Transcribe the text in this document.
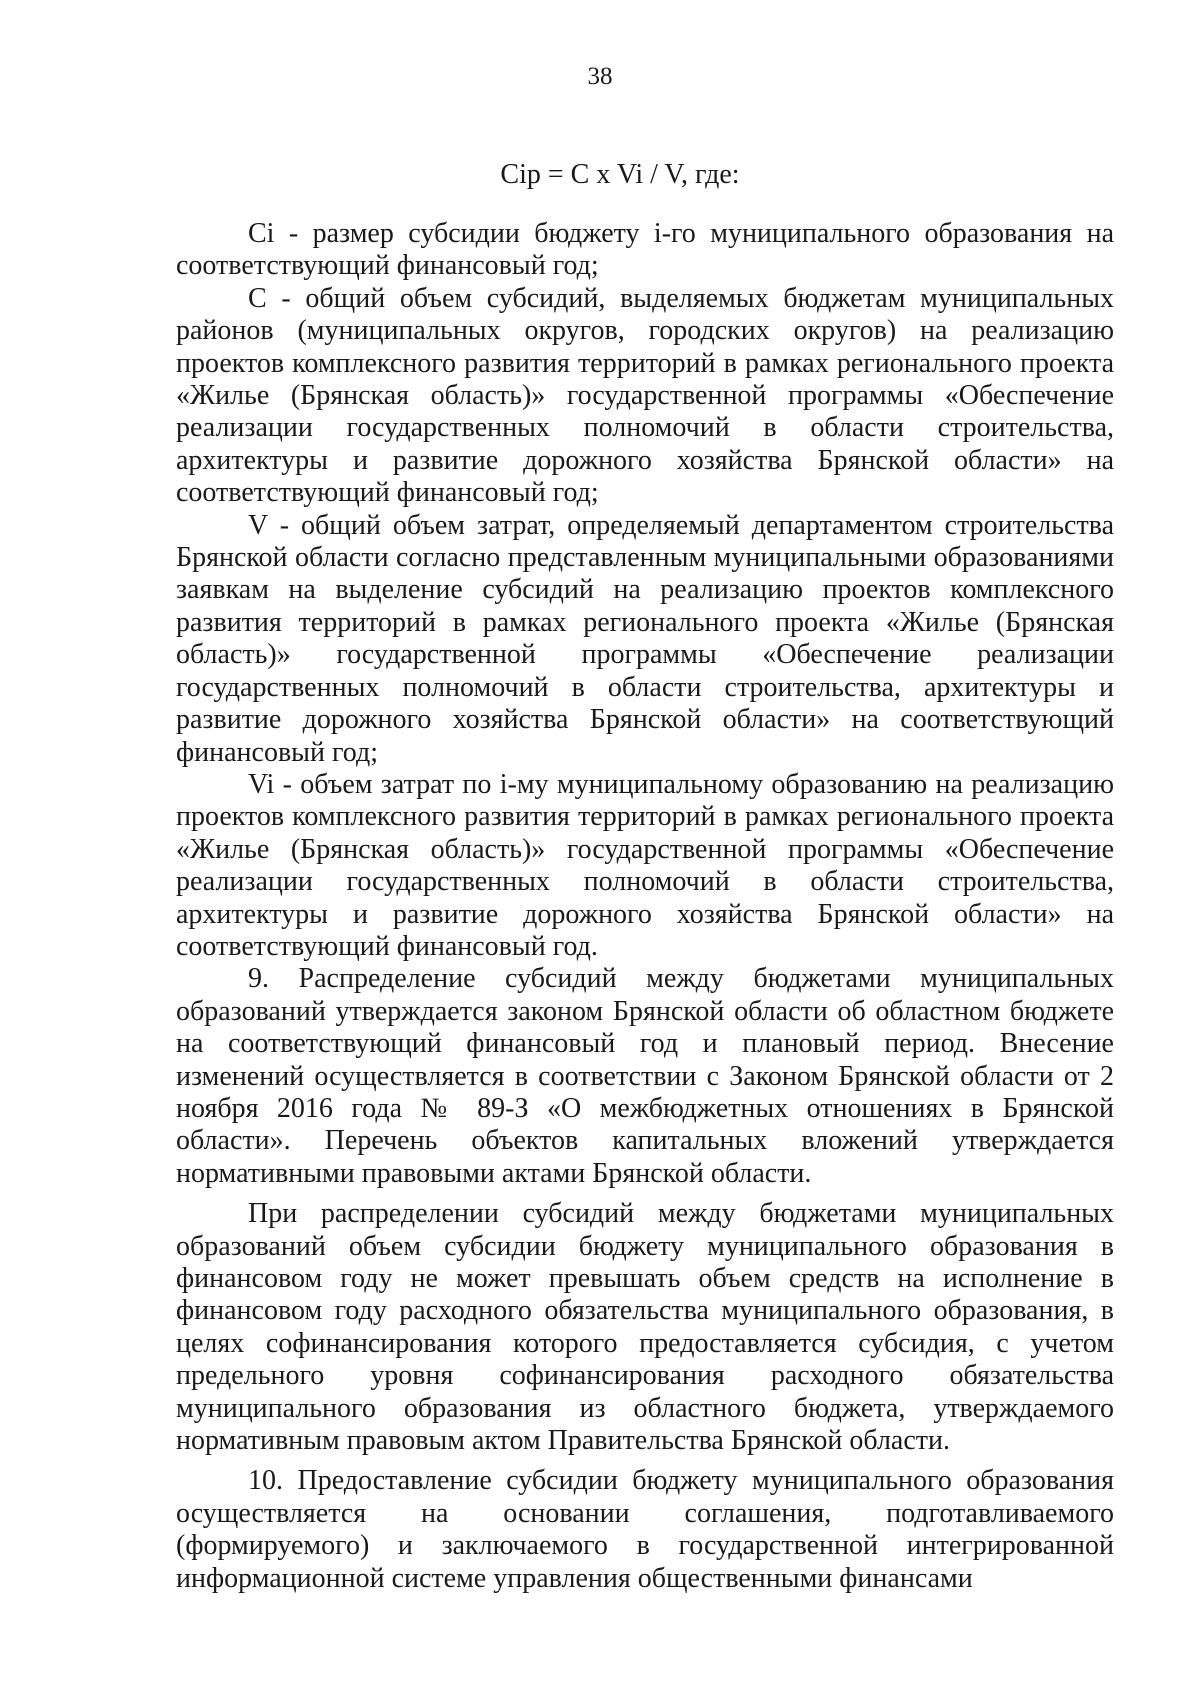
38
Ciр = C x Vi / V, где:

Ci - размер субсидии бюджету i-го муниципального образования на соответствующий финансовый год;

C - общий объем субсидий, выделяемых бюджетам муниципальных районов (муниципальных округов, городских округов) на реализацию проектов комплексного развития территорий в рамках регионального проекта «Жилье (Брянская область)» государственной программы «Обеспечение реализации государственных полномочий в области строительства, архитектуры и развитие дорожного хозяйства Брянской области» на соответствующий финансовый год;

V - общий объем затрат, определяемый департаментом строительства Брянской области согласно представленным муниципальными образованиями заявкам на выделение субсидий на реализацию проектов комплексного развития территорий в рамках регионального проекта «Жилье (Брянская область)» государственной программы «Обеспечение реализации государственных полномочий в области строительства, архитектуры и развитие дорожного хозяйства Брянской области» на соответствующий финансовый год;

Vi - объем затрат по i-му муниципальному образованию на реализацию проектов комплексного развития территорий в рамках регионального проекта «Жилье (Брянская область)» государственной программы «Обеспечение реализации государственных полномочий в области строительства, архитектуры и развитие дорожного хозяйства Брянской области» на соответствующий финансовый год.

9. Распределение субсидий между бюджетами муниципальных образований утверждается законом Брянской области об областном бюджете на соответствующий финансовый год и плановый период. Внесение изменений осуществляется в соответствии с Законом Брянской области от 2 ноября 2016 года № 89-З «О межбюджетных отношениях в Брянской области». Перечень объектов капитальных вложений утверждается нормативными правовыми актами Брянской области.

При распределении субсидий между бюджетами муниципальных образований объем субсидии бюджету муниципального образования в финансовом году не может превышать объем средств на исполнение в финансовом году расходного обязательства муниципального образования, в целях софинансирования которого предоставляется субсидия, с учетом предельного уровня софинансирования расходного обязательства муниципального образования из областного бюджета, утверждаемого нормативным правовым актом Правительства Брянской области.

10. Предоставление субсидии бюджету муниципального образования осуществляется на основании соглашения, подготавливаемого (формируемого) и заключаемого в государственной интегрированной информационной системе управления общественными финансами
